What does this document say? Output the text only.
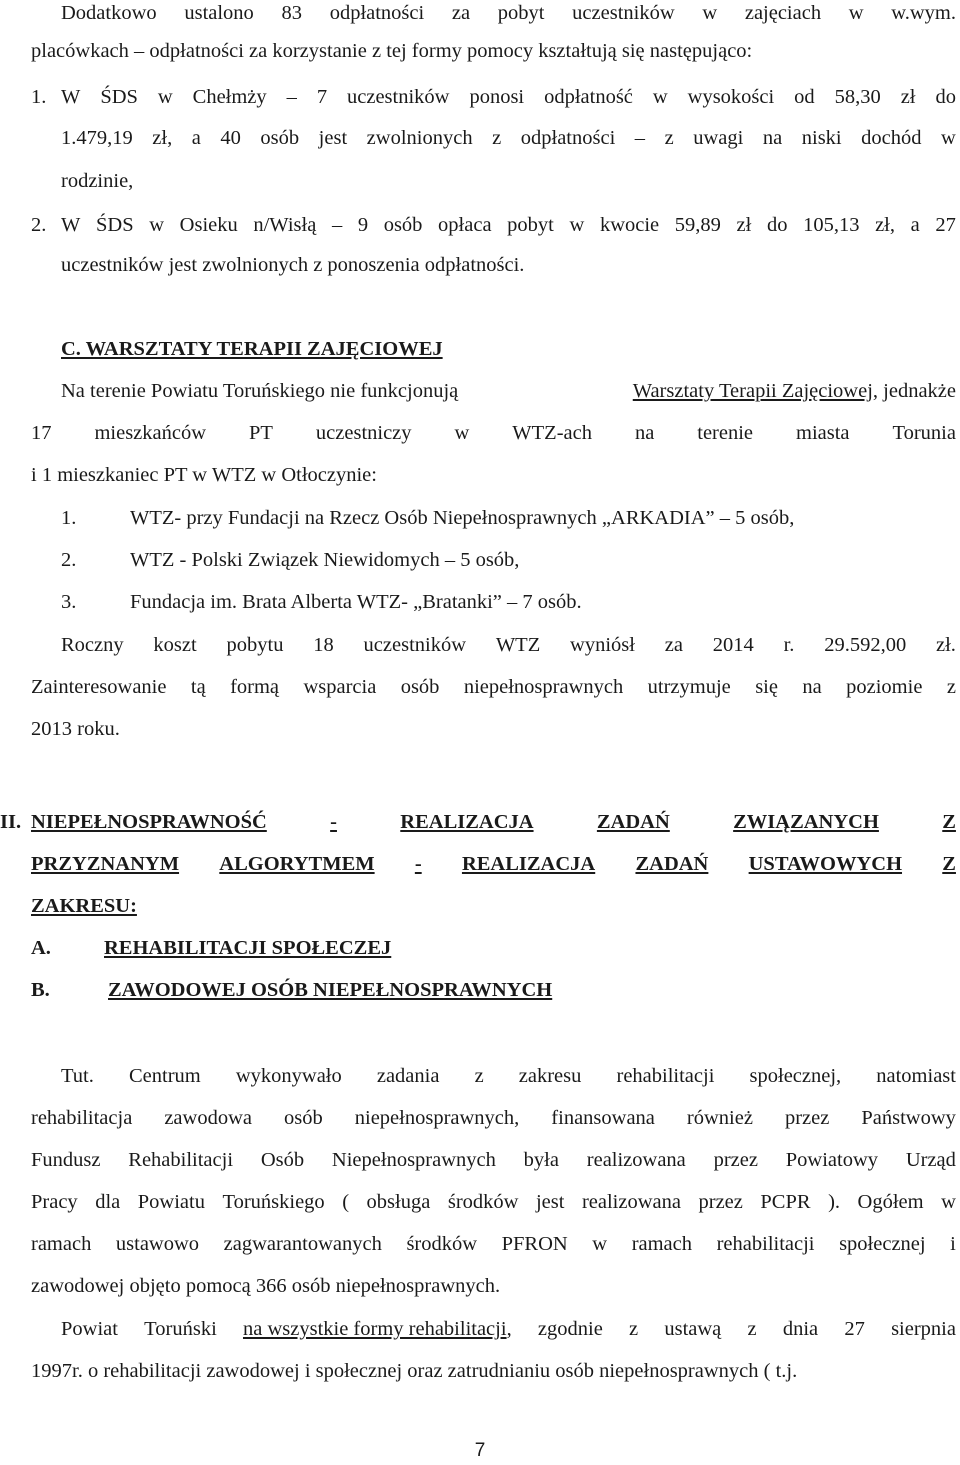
Dodatkowo ustalono 83 odpłatności za pobyt uczestników w zajęciach w w.wym.
placówkach – odpłatności za korzystanie z tej formy pomocy kształtują się następująco:
1. W ŚDS w Chełmży – 7 uczestników ponosi odpłatność w wysokości od 58,30 zł do
1.479,19 zł, a 40 osób jest zwolnionych z odpłatności – z uwagi na niski dochód w
rodzinie,
2. W ŚDS w Osieku n/Wisłą – 9 osób opłaca pobyt w kwocie 59,89 zł do 105,13 zł, a 27
uczestników jest zwolnionych z ponoszenia odpłatności.
C. WARSZTATY TERAPII ZAJĘCIOWEJ
Na terenie Powiatu Toruńskiego nie funkcjonują	Warsztaty Terapii Zajęciowej, jednakże
17 mieszkańców PT uczestniczy w WTZ-ach na terenie miasta Torunia
i 1 mieszkaniec PT w WTZ w Otłoczynie:
1.	WTZ- przy Fundacji na Rzecz Osób Niepełnosprawnych „ARKADIA” – 5 osób,
2.	WTZ - Polski Związek Niewidomych – 5 osób,
3.	Fundacja im. Brata Alberta WTZ- „Bratanki” – 7 osób.
Roczny koszt pobytu 18 uczestników WTZ wyniósł za 2014 r. 29.592,00 zł.
Zainteresowanie tą formą wsparcia osób niepełnosprawnych utrzymuje się na poziomie z
2013 roku.
II. NIEPEŁNOSPRAWNOŚĆ	-	REALIZACJA	ZADAŃ	ZWIĄZANYCH	Z
PRZYZNANYM ALGORYTMEM - REALIZACJA ZADAŃ USTAWOWYCH Z
ZAKRESU:
A.	REHABILITACJI SPOŁECZEJ
B.	ZAWODOWEJ OSÓB NIEPEŁNOSPRAWNYCH
Tut. Centrum wykonywało zadania z zakresu rehabilitacji społecznej, natomiast
rehabilitacja zawodowa osób niepełnosprawnych, finansowana również przez Państwowy
Fundusz Rehabilitacji Osób Niepełnosprawnych była realizowana przez Powiatowy Urząd
Pracy dla Powiatu Toruńskiego ( obsługa środków jest realizowana przez PCPR ). Ogółem w
ramach ustawowo zagwarantowanych środków PFRON w ramach rehabilitacji społecznej i
zawodowej objęto pomocą 366 osób niepełnosprawnych.
Powiat Toruński na wszystkie formy rehabilitacji, zgodnie z ustawą z dnia 27 sierpnia
1997r. o rehabilitacji zawodowej i społecznej oraz zatrudnianiu osób niepełnosprawnych ( t.j.
7
